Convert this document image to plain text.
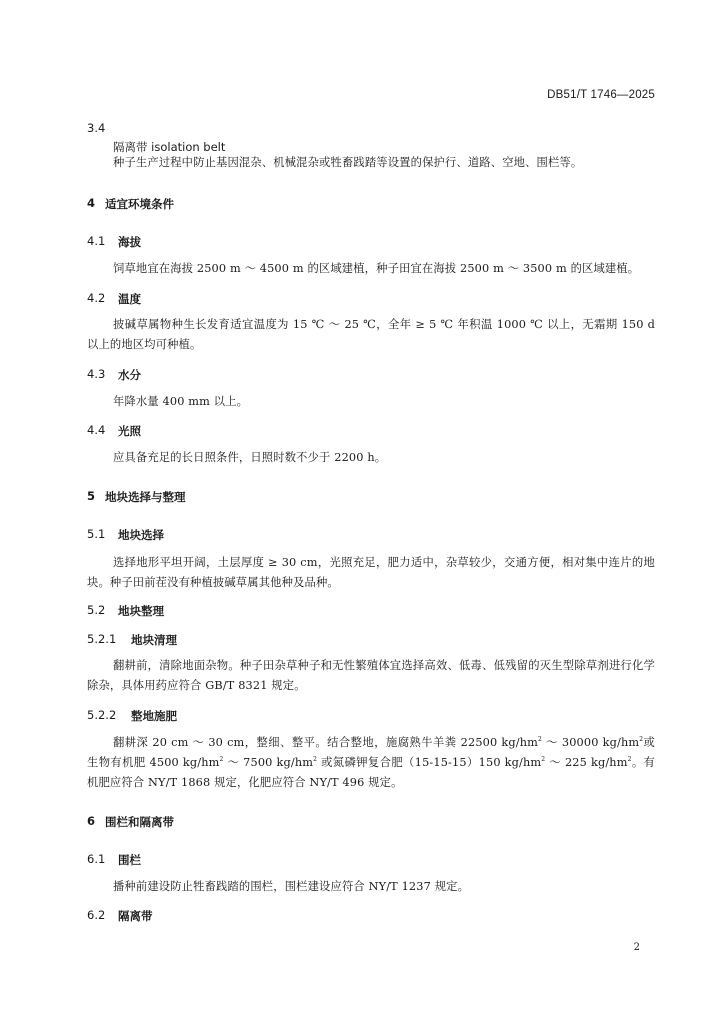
DB51/T 1746—2025
3.4
隔离带 isolation belt
种子生产过程中防止基因混杂、机械混杂或牲畜践踏等设置的保护行、道路、空地、围栏等。
4 适宜环境条件
4.1 海拔
饲草地宜在海拔 2500 m ～ 4500 m 的区域建植，种子田宜在海拔 2500 m ～ 3500 m 的区域建植。
4.2 温度
披碱草属物种生长发育适宜温度为 15 ℃ ～ 25 ℃，全年 ≥ 5 ℃ 年积温 1000 ℃ 以上，无霜期 150 d 以上的地区均可种植。
4.3 水分
年降水量 400 mm 以上。
4.4 光照
应具备充足的长日照条件，日照时数不少于 2200 h。
5 地块选择与整理
5.1 地块选择
选择地形平坦开阔，土层厚度 ≥ 30 cm，光照充足，肥力适中，杂草较少，交通方便，相对集中连片的地块。种子田前茬没有种植披碱草属其他种及品种。
5.2 地块整理
5.2.1 地块清理
翻耕前，清除地面杂物。种子田杂草种子和无性繁殖体宜选择高效、低毒、低残留的灭生型除草剂进行化学除杂，具体用药应符合 GB/T 8321 规定。
5.2.2 整地施肥
翻耕深 20 cm ～ 30 cm，整细、整平。结合整地，施腐熟牛羊粪 22500 $kg/hm^2$ ～ 30000 $kg/hm^2$或生物有机肥 4500 $kg/hm^2$ ～ 7500 $kg/hm^2$ 或氮磷钾复合肥（15-15-15）150 $kg/hm^2$ ～ 225 $kg/hm^2$。有机肥应符合 NY/T 1868 规定，化肥应符合 NY/T 496 规定。
6 围栏和隔离带
6.1 围栏
播种前建设防止牲畜践踏的围栏，围栏建设应符合 NY/T 1237 规定。
6.2 隔离带
2
